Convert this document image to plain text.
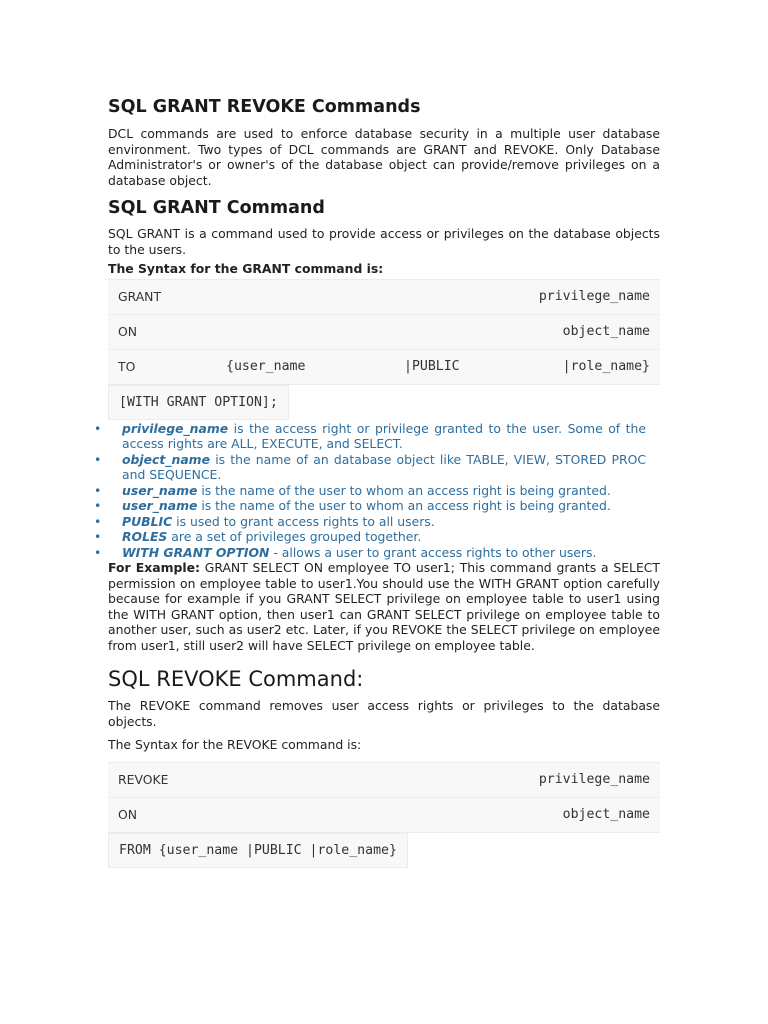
SQL GRANT REVOKE Commands

DCL commands are used to enforce database security in a multiple user database environment. Two types of DCL commands are GRANT and REVOKE. Only Database Administrator's or owner's of the database object can provide/remove privileges on a database object.

SQL GRANT Command

SQL GRANT is a command used to provide access or privileges on the database objects to the users.

The Syntax for the GRANT command is:
GRANT	privilege_name		
ON	object_name		
TO	{user_name	|PUBLIC	|role_name}
[WITH GRANT OPTION];
• privilege_name is the access right or privilege granted to the user. Some of the access rights are ALL, EXECUTE, and SELECT.
• object_name is the name of an database object like TABLE, VIEW, STORED PROC and SEQUENCE.
• user_name is the name of the user to whom an access right is being granted.
• user_name is the name of the user to whom an access right is being granted.
• PUBLIC is used to grant access rights to all users.
• ROLES are a set of privileges grouped together.
• WITH GRANT OPTION - allows a user to grant access rights to other users.

For Example: GRANT SELECT ON employee TO user1; This command grants a SELECT permission on employee table to user1.You should use the WITH GRANT option carefully because for example if you GRANT SELECT privilege on employee table to user1 using the WITH GRANT option, then user1 can GRANT SELECT privilege on employee table to another user, such as user2 etc. Later, if you REVOKE the SELECT privilege on employee from user1, still user2 will have SELECT privilege on employee table.

SQL REVOKE Command:

The REVOKE command removes user access rights or privileges to the database objects.

The Syntax for the REVOKE command is:
REVOKE	privilege_name
ON	object_name
FROM {user_name |PUBLIC |role_name}
